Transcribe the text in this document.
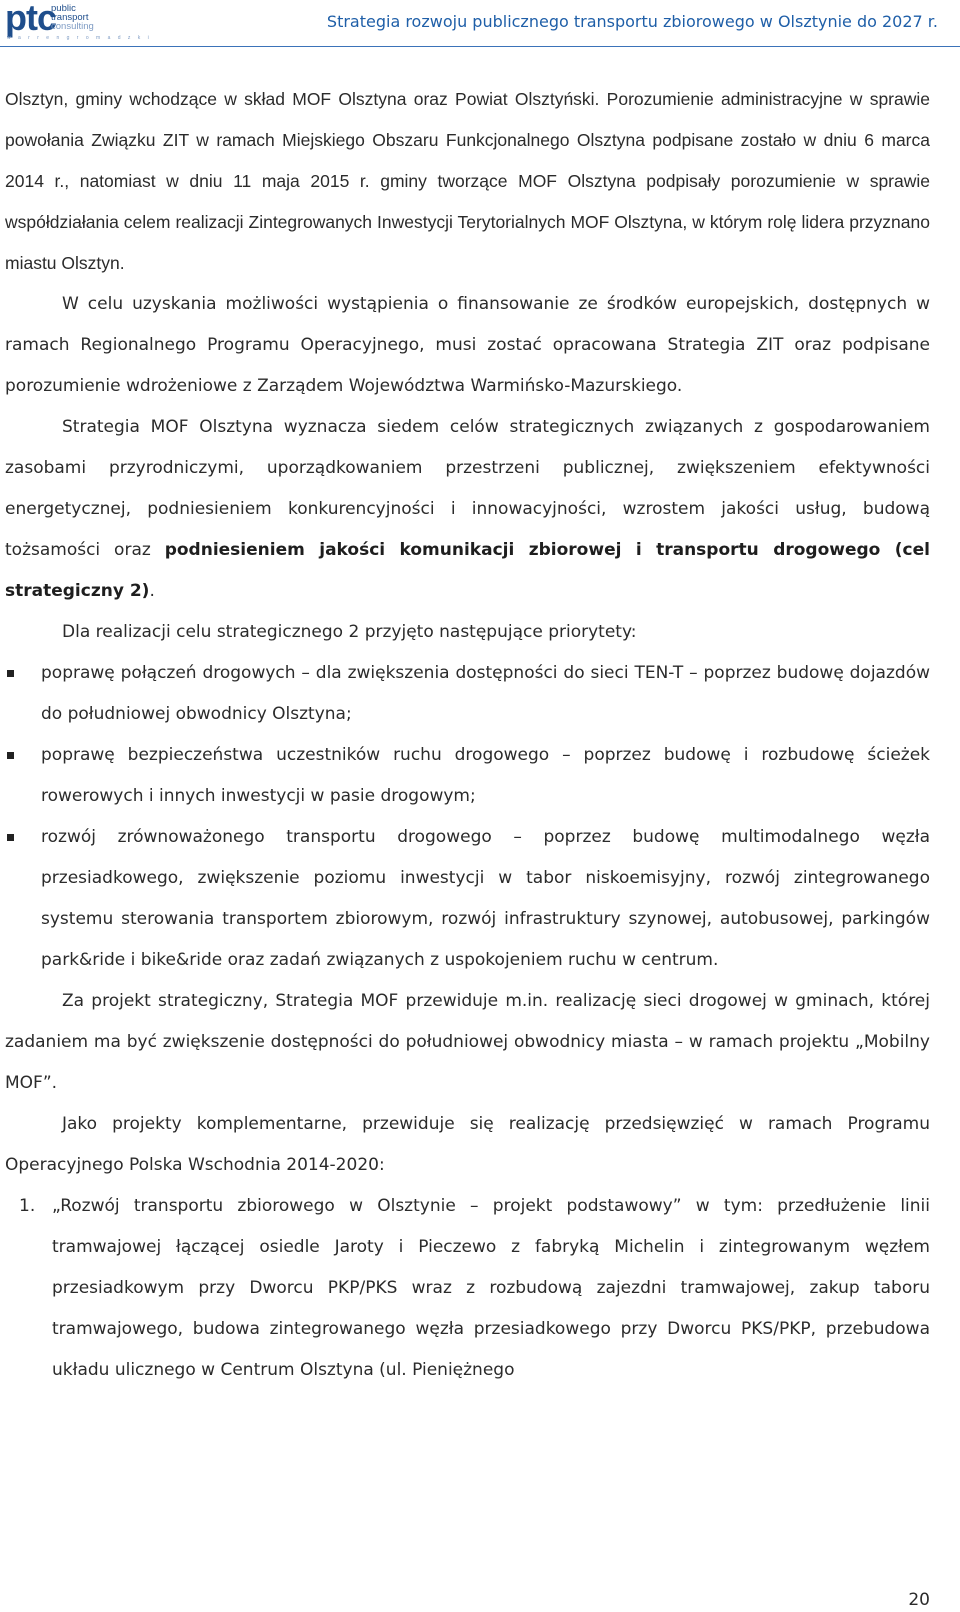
ptc
public
transport
consulting
w a r r e n g r o m a d z k i
Strategia rozwoju publicznego transportu zbiorowego w Olsztynie do 2027 r.

Olsztyn, gminy wchodzące w skład MOF Olsztyna oraz Powiat Olsztyński. Porozumienie administracyjne w sprawie powołania Związku ZIT w ramach Miejskiego Obszaru Funkcjonalnego Olsztyna podpisane zostało w dniu 6 marca 2014 r., natomiast w dniu 11 maja 2015 r. gminy tworzące MOF Olsztyna podpisały porozumienie w sprawie współdziałania celem realizacji Zintegrowanych Inwestycji Terytorialnych MOF Olsztyna, w którym rolę lidera przyznano miastu Olsztyn.

W celu uzyskania możliwości wystąpienia o finansowanie ze środków europejskich, dostępnych w ramach Regionalnego Programu Operacyjnego, musi zostać opracowana Strategia ZIT oraz podpisane porozumienie wdrożeniowe z Zarządem Województwa Warmińsko-Mazurskiego.

Strategia MOF Olsztyna wyznacza siedem celów strategicznych związanych z gospodarowaniem zasobami przyrodniczymi, uporządkowaniem przestrzeni publicznej, zwiększeniem efektywności energetycznej, podniesieniem konkurencyjności i innowacyjności, wzrostem jakości usług, budową tożsamości oraz podniesieniem jakości komunikacji zbiorowej i transportu drogowego (cel strategiczny 2).

Dla realizacji celu strategicznego 2 przyjęto następujące priorytety:

poprawę połączeń drogowych – dla zwiększenia dostępności do sieci TEN-T – poprzez budowę dojazdów do południowej obwodnicy Olsztyna;
poprawę bezpieczeństwa uczestników ruchu drogowego – poprzez budowę i rozbudowę ścieżek rowerowych i innych inwestycji w pasie drogowym;
rozwój zrównoważonego transportu drogowego – poprzez budowę multimodalnego węzła przesiadkowego, zwiększenie poziomu inwestycji w tabor niskoemisyjny, rozwój zintegrowanego systemu sterowania transportem zbiorowym, rozwój infrastruktury szynowej, autobusowej, parkingów park&ride i bike&ride oraz zadań związanych z uspokojeniem ruchu w centrum.

Za projekt strategiczny, Strategia MOF przewiduje m.in. realizację sieci drogowej w gminach, której zadaniem ma być zwiększenie dostępności do południowej obwodnicy miasta – w ramach projektu „Mobilny MOF”.

Jako projekty komplementarne, przewiduje się realizację przedsięwzięć w ramach Programu Operacyjnego Polska Wschodnia 2014-2020:

1. „Rozwój transportu zbiorowego w Olsztynie – projekt podstawowy” w tym: przedłużenie linii tramwajowej łączącej osiedle Jaroty i Pieczewo z fabryką Michelin i zintegrowanym węzłem przesiadkowym przy Dworcu PKP/PKS wraz z rozbudową zajezdni tramwajowej, zakup taboru tramwajowego, budowa zintegrowanego węzła przesiadkowego przy Dworcu PKS/PKP, przebudowa układu ulicznego w Centrum Olsztyna (ul. Pieniężnego
20
